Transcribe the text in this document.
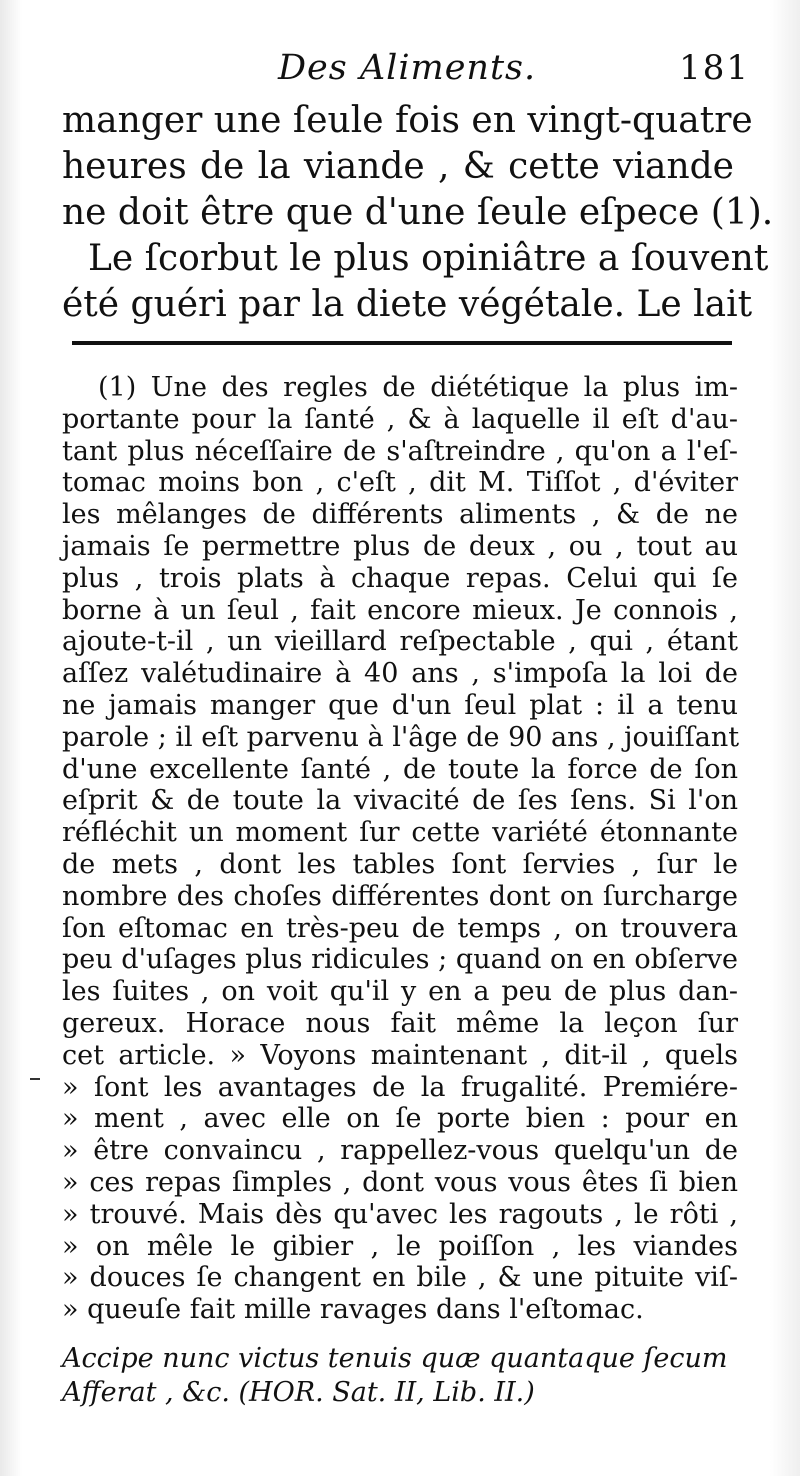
Des Aliments.	181
manger une ſeule fois en vingt-quatre
heures de la viande , & cette viande
ne doit être que d'une ſeule eſpece (1).
Le ſcorbut le plus opiniâtre a ſouvent
été guéri par la diete végétale. Le lait
(1) Une des regles de diététique la plus im-
portante pour la ſanté , & à laquelle il eſt d'au-
tant plus néceſſaire de s'aſtreindre , qu'on a l'eſ-
tomac moins bon , c'eſt , dit M. Tiſſot , d'éviter
les mêlanges de différents aliments , & de ne
jamais ſe permettre plus de deux , ou , tout au
plus , trois plats à chaque repas. Celui qui ſe
borne à un ſeul , fait encore mieux. Je connois ,
ajoute-t-il , un vieillard reſpectable , qui , étant
aſſez valétudinaire à 40 ans , s'impoſa la loi de
ne jamais manger que d'un ſeul plat : il a tenu
parole ; il eſt parvenu à l'âge de 90 ans , jouiſſant
d'une excellente ſanté , de toute la force de ſon
eſprit & de toute la vivacité de ſes ſens. Si l'on
réfléchit un moment ſur cette variété étonnante
de mets , dont les tables ſont ſervies , ſur le
nombre des choſes différentes dont on ſurcharge
ſon eſtomac en très-peu de temps , on trouvera
peu d'uſages plus ridicules ; quand on en obſerve
les ſuites , on voit qu'il y en a peu de plus dan-
gereux. Horace nous fait même la leçon ſur
cet article. » Voyons maintenant , dit-il , quels
» ſont les avantages de la frugalité. Premiére-
» ment , avec elle on ſe porte bien : pour en
» être convaincu , rappellez-vous quelqu'un de
» ces repas ſimples , dont vous vous êtes ſi bien
» trouvé. Mais dès qu'avec les ragouts , le rôti ,
» on mêle le gibier , le poiſſon , les viandes
» douces ſe changent en bile , & une pituite viſ-
» queuſe fait mille ravages dans l'eſtomac.
Accipe nunc victus tenuis quæ quantaque ſecum
Afferat , &c. (HOR. Sat. II, Lib. II.)
